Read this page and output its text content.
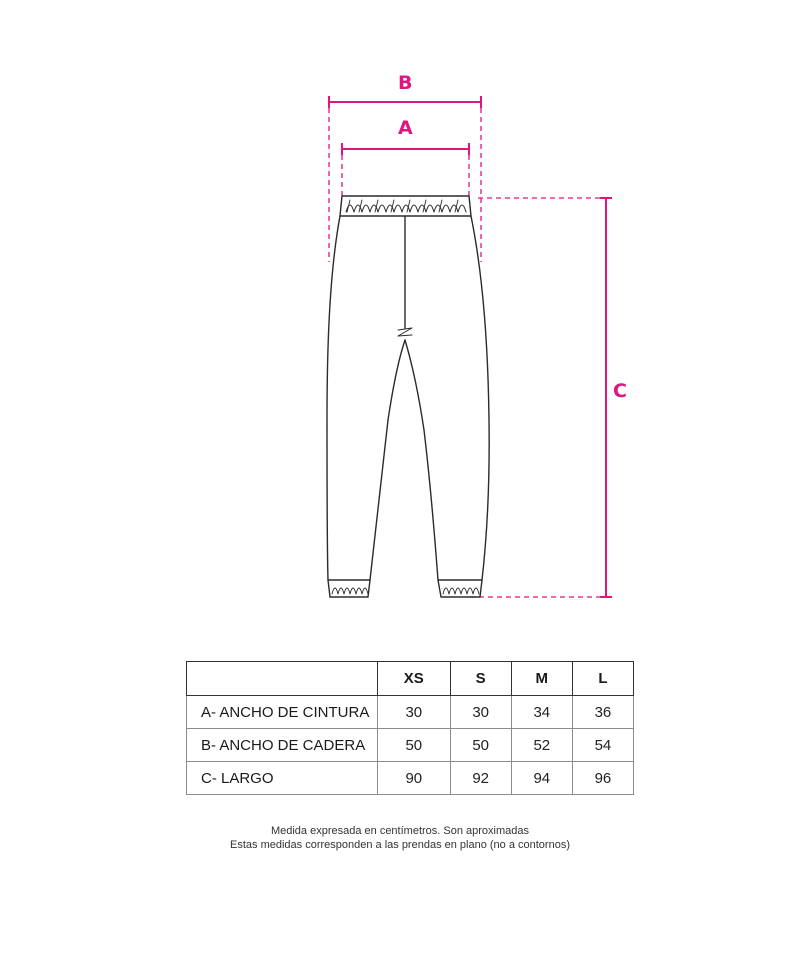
B
A
C
	XS	S	M	L
A- ANCHO DE CINTURA	30	30	34	36
B- ANCHO DE CADERA	50	50	52	54
C- LARGO	90	92	94	96
Medida expresada en centímetros. Son aproximadas
Estas medidas corresponden a las prendas en plano (no a contornos)
